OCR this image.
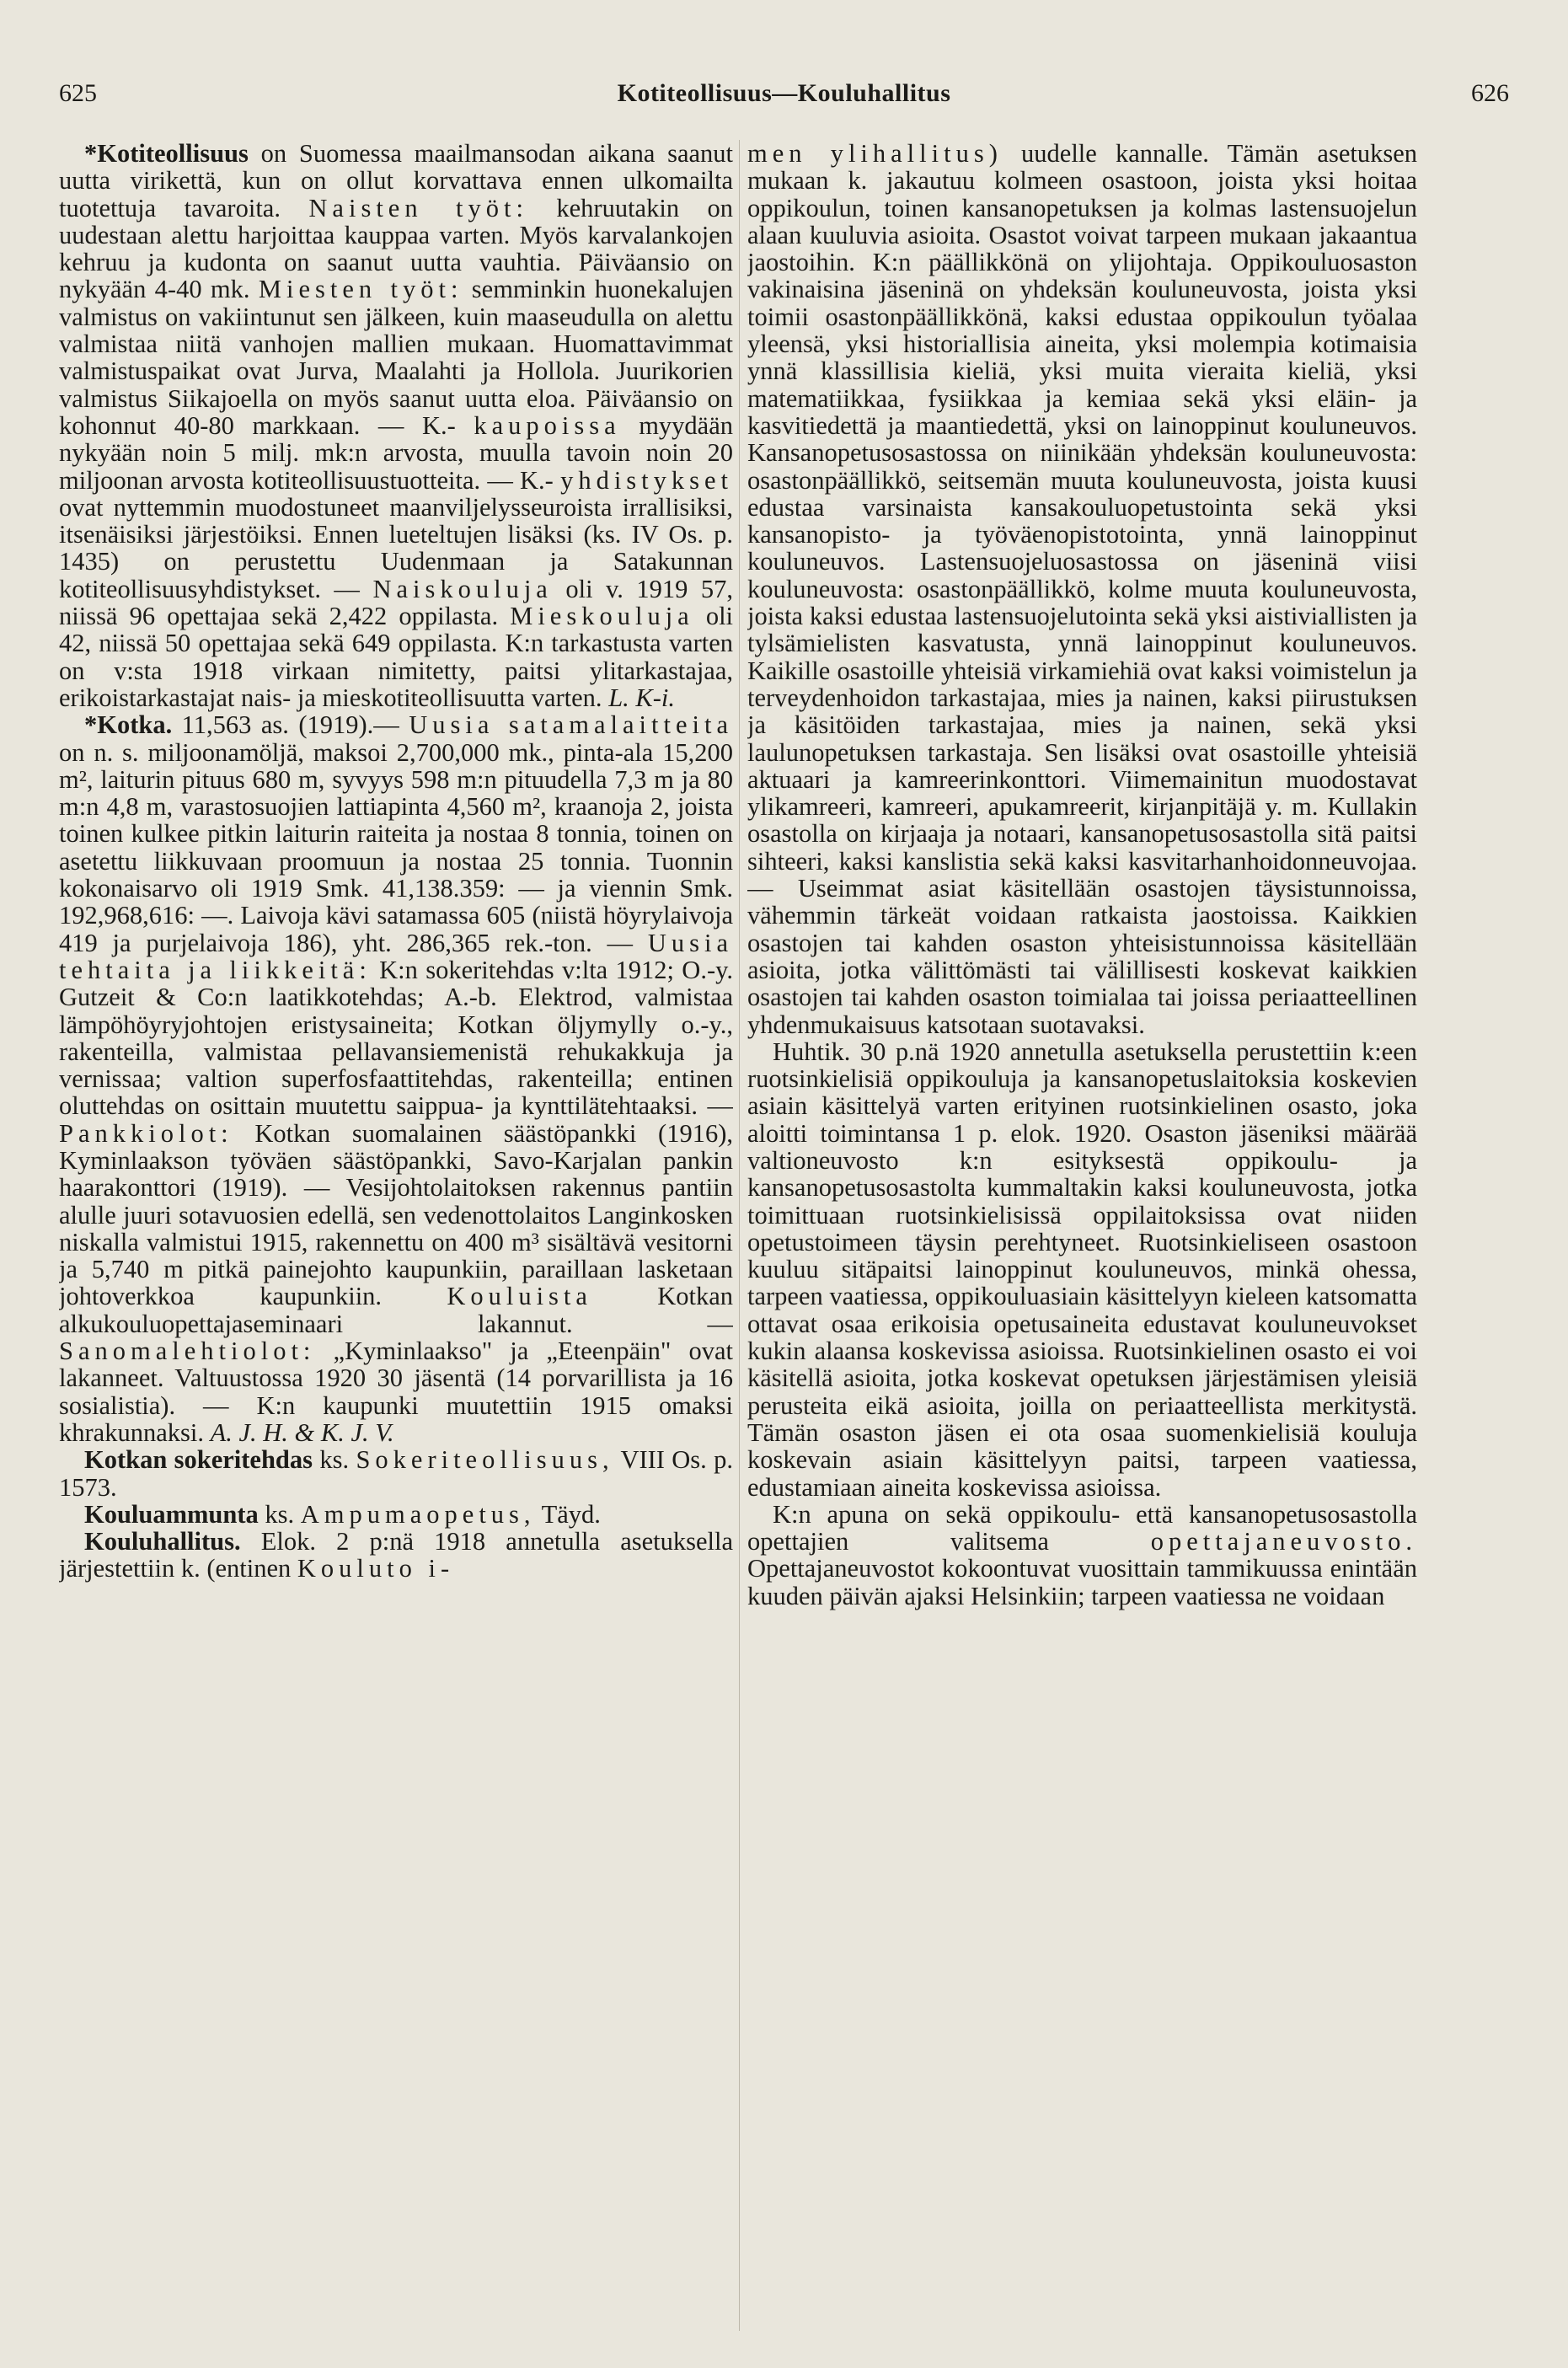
Kotiteollisuus—Kouluhallitus
625	626

*Kotiteollisuus on Suomessa maailmansodan aikana saanut uutta virikettä, kun on ollut korvattava ennen ulkomailta tuotettuja tavaroita. Naisten työt: kehruutakin on uudestaan alettu harjoittaa kauppaa varten. Myös karvalankojen kehruu ja kudonta on saanut uutta vauhtia. Päiväansio on nykyään 4-40 mk. Miesten työt: semminkin huonekalujen valmistus on vakiintunut sen jälkeen, kuin maaseudulla on alettu valmistaa niitä vanhojen mallien mukaan. Huomattavimmat valmistuspaikat ovat Jurva, Maalahti ja Hollola. Juurikorien valmistus Siikajoella on myös saanut uutta eloa. Päiväansio on kohonnut 40-80 markkaan. — K.- kaupoissa myydään nykyään noin 5 milj. mk:n arvosta, muulla tavoin noin 20 miljoonan arvosta kotiteollisuustuotteita. — K.- yhdistykset ovat nyttemmin muodostuneet maanviljelysseuroista irrallisiksi, itsenäisiksi järjestöiksi. Ennen lueteltujen lisäksi (ks. IV Os. p. 1435) on perustettu Uudenmaan ja Satakunnan kotiteollisuusyhdistykset. — Naiskouluja oli v. 1919 57, niissä 96 opettajaa sekä 2,422 oppilasta. Mieskouluja oli 42, niissä 50 opettajaa sekä 649 oppilasta. K:n tarkastusta varten on v:sta 1918 virkaan nimitetty, paitsi ylitarkastajaa, erikoistarkastajat nais- ja mieskotiteollisuutta varten. L. K-i.

*Kotka. 11,563 as. (1919).— Uusia satamalaitteita on n. s. miljoonamöljä, maksoi 2,700,000 mk., pinta-ala 15,200 m², laiturin pituus 680 m, syvyys 598 m:n pituudella 7,3 m ja 80 m:n 4,8 m, varastosuojien lattiapinta 4,560 m², kraanoja 2, joista toinen kulkee pitkin laiturin raiteita ja nostaa 8 tonnia, toinen on asetettu liikkuvaan proomuun ja nostaa 25 tonnia. Tuonnin kokonaisarvo oli 1919 Smk. 41,138.359: — ja viennin Smk. 192,968,616: —. Laivoja kävi satamassa 605 (niistä höyrylaivoja 419 ja purjelaivoja 186), yht. 286,365 rek.-ton. — Uusia tehtaita ja liikkeitä: K:n sokeritehdas v:lta 1912; O.-y. Gutzeit & Co:n laatikkotehdas; A.-b. Elektrod, valmistaa lämpöhöyryjohtojen eristysaineita; Kotkan öljymylly o.-y., rakenteilla, valmistaa pellavansiemenistä rehukakkuja ja vernissaa; valtion superfosfaattitehdas, rakenteilla; entinen oluttehdas on osittain muutettu saippua- ja kynttilätehtaaksi. — Pankkiolot: Kotkan suomalainen säästöpankki (1916), Kyminlaakson työväen säästöpankki, Savo-Karjalan pankin haarakonttori (1919). — Vesijohtolaitoksen rakennus pantiin alulle juuri sotavuosien edellä, sen vedenottolaitos Langinkosken niskalla valmistui 1915, rakennettu on 400 m³ sisältävä vesitorni ja 5,740 m pitkä painejohto kaupunkiin, paraillaan lasketaan johtoverkkoa kaupunkiin.	Kouluista	Kotkan alkukouluopettajaseminaari lakannut. — Sanomalehtiolot: „Kyminlaakso" ja „Eteenpäin" ovat lakanneet. Valtuustossa 1920 30 jäsentä (14 porvarillista ja 16 sosialistia). — K:n kaupunki muutettiin 1915 omaksi khrakunnaksi. A. J. H. & K. J. V.

Kotkan sokeritehdas ks. Sokeriteollisuus, VIII Os. p. 1573.

Kouluammunta ks. Ampumaopetus, Täyd.

Kouluhallitus. Elok. 2 p:nä 1918 annetulla asetuksella järjestettiin k. (entinen Kouluto i-

men ylihallitus) uudelle kannalle. Tämän asetuksen mukaan k. jakautuu kolmeen osastoon, joista yksi hoitaa oppikoulun, toinen kansanopetuksen ja kolmas lastensuojelun alaan kuuluvia asioita. Osastot voivat tarpeen mukaan jakaantua jaostoihin. K:n päällikkönä on ylijohtaja. Oppikouluosaston vakinaisina jäseninä on yhdeksän kouluneuvosta, joista yksi toimii osastonpäällikkönä, kaksi edustaa oppikoulun työalaa yleensä, yksi historiallisia aineita, yksi molempia kotimaisia ynnä klassillisia kieliä, yksi muita vieraita kieliä, yksi matematiikkaa, fysiikkaa ja kemiaa sekä yksi eläin- ja kasvitiedettä ja maantiedettä, yksi on lainoppinut kouluneuvos. Kansanopetusosastossa on niinikään yhdeksän kouluneuvosta: osastonpäällikkö, seitsemän muuta kouluneuvosta, joista kuusi edustaa varsinaista kansakouluopetustointa sekä yksi kansanopisto- ja työväenopistotointa, ynnä lainoppinut kouluneuvos. Lastensuojeluosastossa on jäseninä viisi kouluneuvosta: osastonpäällikkö, kolme muuta kouluneuvosta, joista kaksi edustaa lastensuojelutointa sekä yksi aistiviallisten ja tylsämielisten kasvatusta, ynnä lainoppinut kouluneuvos. Kaikille osastoille yhteisiä virkamiehiä ovat kaksi voimistelun ja terveydenhoidon tarkastajaa, mies ja nainen, kaksi piirustuksen ja käsitöiden tarkastajaa, mies ja nainen, sekä yksi laulunopetuksen tarkastaja. Sen lisäksi ovat osastoille yhteisiä aktuaari ja kamreerinkonttori. Viimemainitun muodostavat ylikamreeri, kamreeri, apukamreerit, kirjanpitäjä y. m. Kullakin osastolla on kirjaaja ja notaari, kansanopetusosastolla sitä paitsi sihteeri, kaksi kanslistia sekä kaksi kasvitarhanhoidonneuvojaa. — Useimmat asiat käsitellään osastojen täysistunnoissa, vähemmin tärkeät voidaan ratkaista jaostoissa. Kaikkien osastojen tai kahden osaston yhteisistunnoissa käsitellään asioita, jotka välittömästi tai välillisesti koskevat kaikkien osastojen tai kahden osaston toimialaa tai joissa periaatteellinen yhdenmukaisuus katsotaan suotavaksi.

Huhtik. 30 p.nä 1920 annetulla asetuksella perustettiin k:een ruotsinkielisiä oppikouluja ja kansanopetuslaitoksia koskevien asiain käsittelyä varten erityinen ruotsinkielinen osasto, joka aloitti toimintansa 1 p. elok. 1920. Osaston jäseniksi määrää valtioneuvosto k:n esityksestä oppikoulu- ja kansanopetusosastolta kummaltakin kaksi kouluneuvosta, jotka toimittuaan ruotsinkielisissä oppilaitoksissa ovat niiden opetustoimeen täysin perehtyneet. Ruotsinkieliseen osastoon kuuluu sitäpaitsi lainoppinut kouluneuvos, minkä ohessa, tarpeen vaatiessa, oppikouluasiain käsittelyyn kieleen katsomatta ottavat osaa erikoisia opetusaineita edustavat kouluneuvokset kukin alaansa koskevissa asioissa. Ruotsinkielinen osasto ei voi käsitellä asioita, jotka koskevat opetuksen järjestämisen yleisiä perusteita eikä asioita, joilla on periaatteellista merkitystä. Tämän osaston jäsen ei ota osaa suomenkielisiä kouluja koskevain asiain käsittelyyn paitsi, tarpeen vaatiessa, edustamiaan aineita koskevissa asioissa.

K:n apuna on sekä oppikoulu- että kansanopetusosastolla opettajien valitsema	opettajaneuvosto. Opettajaneuvostot kokoontuvat vuosittain tammikuussa enintään kuuden päivän ajaksi Helsinkiin; tarpeen vaatiessa ne voidaan
